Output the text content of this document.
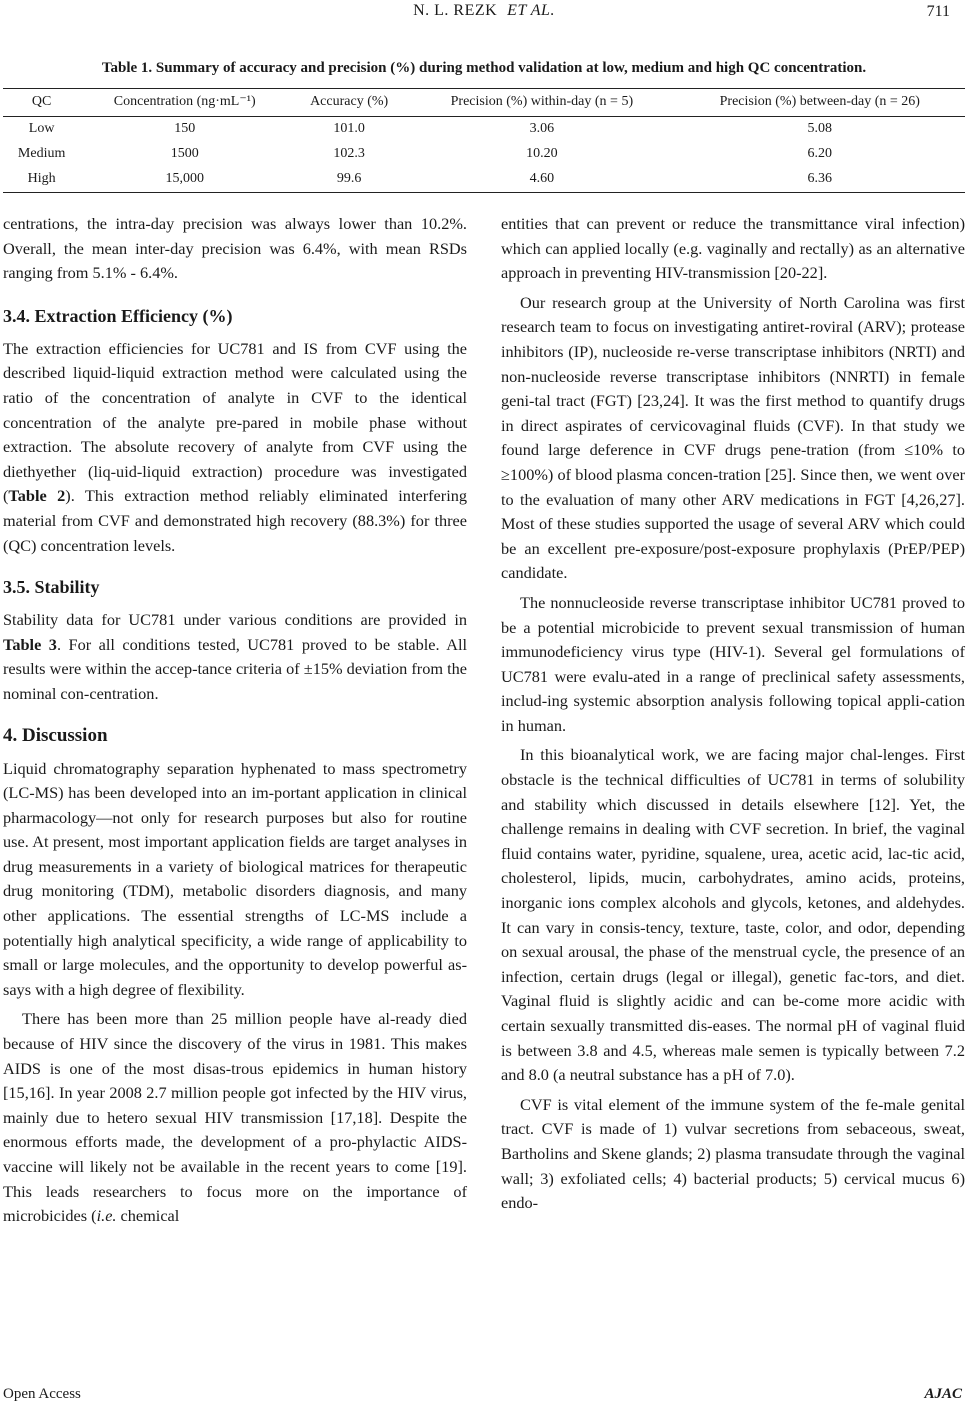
N. L. REZK ET AL.	711
Table 1. Summary of accuracy and precision (%) during method validation at low, medium and high QC concentration.
QC	Concentration (ng·mL⁻¹)	Accuracy (%)	Precision (%) within-day (n = 5)	Precision (%) between-day (n = 26)
Low	150	101.0	3.06	5.08
Medium	1500	102.3	10.20	6.20
High	15,000	99.6	4.60	6.36

centrations, the intra-day precision was always lower than 10.2%. Overall, the mean inter-day precision was 6.4%, with mean RSDs ranging from 5.1% - 6.4%.

3.4. Extraction Efficiency (%)

The extraction efficiencies for UC781 and IS from CVF using the described liquid-liquid extraction method were calculated using the ratio of the concentration of analyte in CVF to the identical concentration of the analyte pre-pared in mobile phase without extraction. The absolute recovery of analyte from CVF using the diethyether (liq-uid-liquid extraction) procedure was investigated (Table 2). This extraction method reliably eliminated interfering material from CVF and demonstrated high recovery (88.3%) for three (QC) concentration levels.

3.5. Stability

Stability data for UC781 under various conditions are provided in Table 3. For all conditions tested, UC781 proved to be stable. All results were within the accep-tance criteria of ±15% deviation from the nominal con-centration.

4. Discussion

Liquid chromatography separation hyphenated to mass spectrometry (LC-MS) has been developed into an im-portant application in clinical pharmacology—not only for research purposes but also for routine use. At present, most important application fields are target analyses in drug measurements in a variety of biological matrices for therapeutic drug monitoring (TDM), metabolic disorders diagnosis, and many other applications. The essential strengths of LC-MS include a potentially high analytical specificity, a wide range of applicability to small or large molecules, and the opportunity to develop powerful as-says with a high degree of flexibility.

There has been more than 25 million people have al-ready died because of HIV since the discovery of the virus in 1981. This makes AIDS is one of the most disas-trous epidemics in human history [15,16]. In year 2008 2.7 million people got infected by the HIV virus, mainly due to hetero sexual HIV transmission [17,18]. Despite the enormous efforts made, the development of a pro-phylactic AIDS-vaccine will likely not be available in the recent years to come [19]. This leads researchers to focus more on the importance of microbicides (i.e. chemical

entities that can prevent or reduce the transmittance viral infection) which can applied locally (e.g. vaginally and rectally) as an alternative approach in preventing HIV-transmission [20-22].

Our research group at the University of North Carolina was first research team to focus on investigating antiret-roviral (ARV); protease inhibitors (IP), nucleoside re-verse transcriptase inhibitors (NRTI) and non-nucleoside reverse transcriptase inhibitors (NNRTI) in female geni-tal tract (FGT) [23,24]. It was the first method to quantify drugs in direct aspirates of cervicovaginal fluids (CVF). In that study we found large deference in CVF drugs pene-tration (from ≤10% to ≥100%) of blood plasma concen-tration [25]. Since then, we went over to the evaluation of many other ARV medications in FGT [4,26,27]. Most of these studies supported the usage of several ARV which could be an excellent pre-exposure/post-exposure prophylaxis (PrEP/PEP) candidate.

The nonnucleoside reverse transcriptase inhibitor UC781 proved to be a potential microbicide to prevent sexual transmission of human immunodeficiency virus type (HIV-1). Several gel formulations of UC781 were evalu-ated in a range of preclinical safety assessments, includ-ing systemic absorption analysis following topical appli-cation in human.

In this bioanalytical work, we are facing major chal-lenges. First obstacle is the technical difficulties of UC781 in terms of solubility and stability which discussed in details elsewhere [12]. Yet, the challenge remains in dealing with CVF secretion. In brief, the vaginal fluid contains water, pyridine, squalene, urea, acetic acid, lac-tic acid, cholesterol, lipids, mucin, carbohydrates, amino acids, proteins, inorganic ions complex alcohols and glycols, ketones, and aldehydes. It can vary in consis-tency, texture, taste, color, and odor, depending on sexual arousal, the phase of the menstrual cycle, the presence of an infection, certain drugs (legal or illegal), genetic fac-tors, and diet. Vaginal fluid is slightly acidic and can be-come more acidic with certain sexually transmitted dis-eases. The normal pH of vaginal fluid is between 3.8 and 4.5, whereas male semen is typically between 7.2 and 8.0 (a neutral substance has a pH of 7.0).

CVF is vital element of the immune system of the fe-male genital tract. CVF is made of 1) vulvar secretions from sebaceous, sweat, Bartholins and Skene glands; 2) plasma transudate through the vaginal wall; 3) exfoliated cells; 4) bacterial products; 5) cervical mucus 6) endo-

Open Access	AJAC
